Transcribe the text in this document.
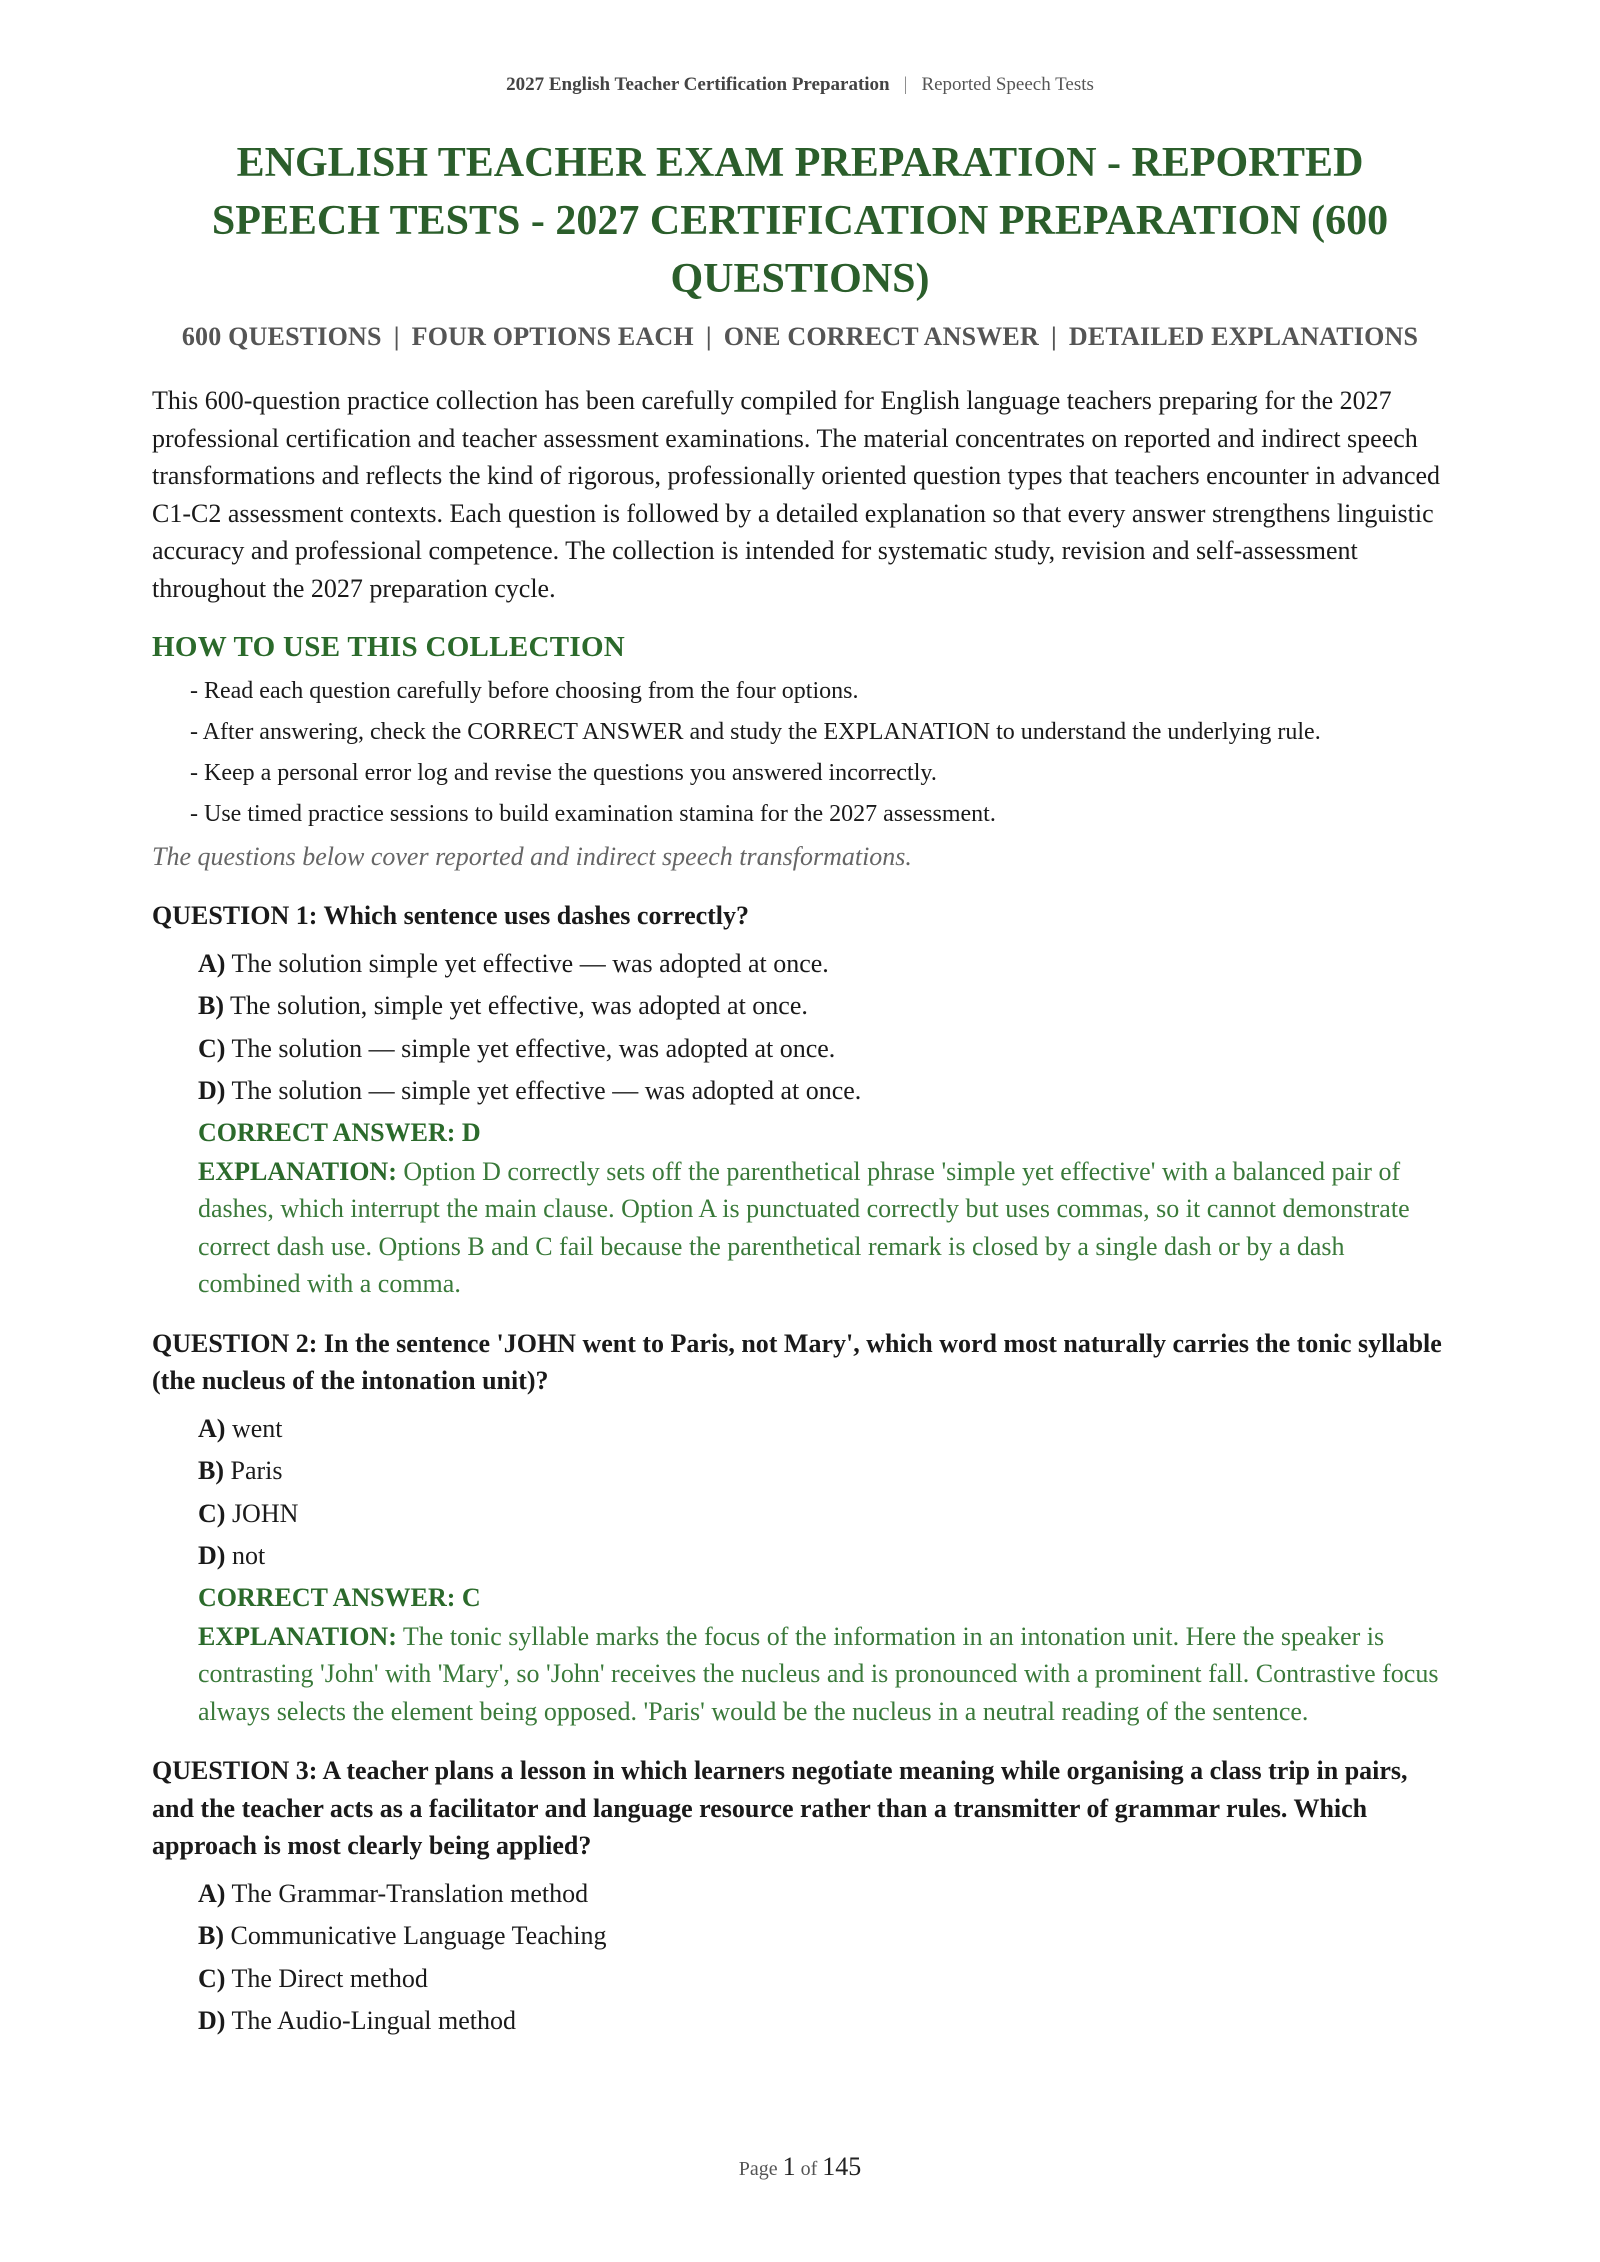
2027 English Teacher Certification Preparation | Reported Speech Tests
ENGLISH TEACHER EXAM PREPARATION - REPORTED SPEECH TESTS - 2027 CERTIFICATION PREPARATION (600 QUESTIONS)
600 QUESTIONS | FOUR OPTIONS EACH | ONE CORRECT ANSWER | DETAILED EXPLANATIONS

This 600-question practice collection has been carefully compiled for English language teachers preparing for the 2027 professional certification and teacher assessment examinations. The material concentrates on reported and indirect speech transformations and reflects the kind of rigorous, professionally oriented question types that teachers encounter in advanced C1-C2 assessment contexts. Each question is followed by a detailed explanation so that every answer strengthens linguistic accuracy and professional competence. The collection is intended for systematic study, revision and self-assessment throughout the 2027 preparation cycle.

HOW TO USE THIS COLLECTION
- Read each question carefully before choosing from the four options.
- After answering, check the CORRECT ANSWER and study the EXPLANATION to understand the underlying rule.
- Keep a personal error log and revise the questions you answered incorrectly.
- Use timed practice sessions to build examination stamina for the 2027 assessment.

The questions below cover reported and indirect speech transformations.

QUESTION 1: Which sentence uses dashes correctly?

A) The solution simple yet effective — was adopted at once.
B) The solution, simple yet effective, was adopted at once.
C) The solution — simple yet effective, was adopted at once.
D) The solution — simple yet effective — was adopted at once.
CORRECT ANSWER: D

EXPLANATION: Option D correctly sets off the parenthetical phrase 'simple yet effective' with a balanced pair of dashes, which interrupt the main clause. Option A is punctuated correctly but uses commas, so it cannot demonstrate correct dash use. Options B and C fail because the parenthetical remark is closed by a single dash or by a dash combined with a comma.

QUESTION 2: In the sentence 'JOHN went to Paris, not Mary', which word most naturally carries the tonic syllable (the nucleus of the intonation unit)?

A) went
B) Paris
C) JOHN
D) not
CORRECT ANSWER: C

EXPLANATION: The tonic syllable marks the focus of the information in an intonation unit. Here the speaker is contrasting 'John' with 'Mary', so 'John' receives the nucleus and is pronounced with a prominent fall. Contrastive focus always selects the element being opposed. 'Paris' would be the nucleus in a neutral reading of the sentence.

QUESTION 3: A teacher plans a lesson in which learners negotiate meaning while organising a class trip in pairs, and the teacher acts as a facilitator and language resource rather than a transmitter of grammar rules. Which approach is most clearly being applied?

A) The Grammar-Translation method
B) Communicative Language Teaching
C) The Direct method
D) The Audio-Lingual method
Page 1 of 145
